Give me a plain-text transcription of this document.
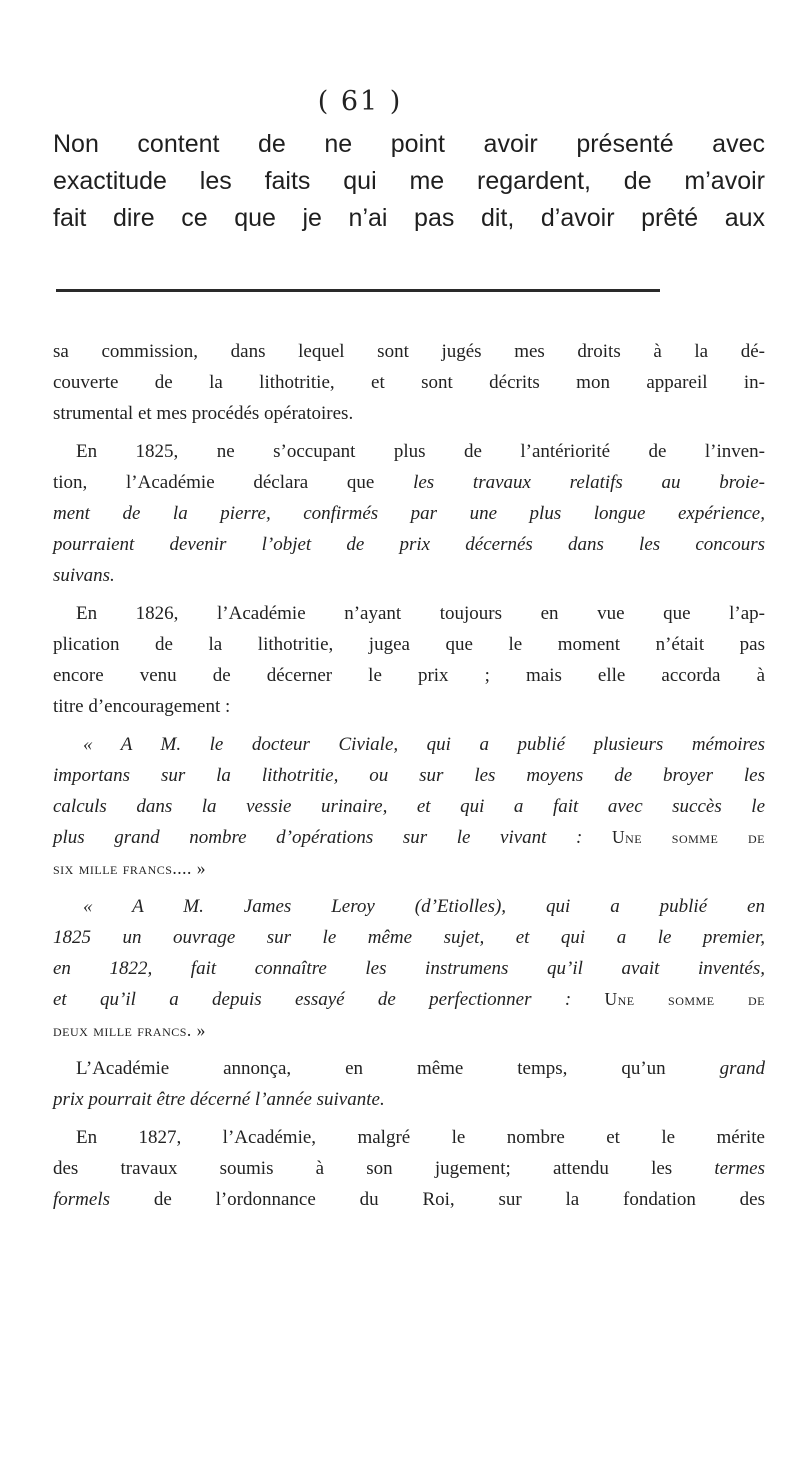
( 61 )
Non content de ne point avoir présenté avec
exactitude les faits qui me regardent, de m’avoir
fait dire ce que je n’ai pas dit, d’avoir prêté aux
sa commission, dans lequel sont jugés mes droits à la dé-
couverte de la lithotritie, et sont décrits mon appareil in-
strumental et mes procédés opératoires.
En 1825, ne s’occupant plus de l’antériorité de l’inven-
tion, l’Académie déclara que les travaux relatifs au broie-
ment de la pierre, confirmés par une plus longue expérience,
pourraient devenir l’objet de prix décernés dans les concours
suivans.
En 1826, l’Académie n’ayant toujours en vue que l’ap-
plication de la lithotritie, jugea que le moment n’était pas
encore venu de décerner le prix ; mais elle accorda à
titre d’encouragement :
« A M. le docteur Civiale, qui a publié plusieurs mémoires
importans sur la lithotritie, ou sur les moyens de broyer les
calculs dans la vessie urinaire, et qui a fait avec succès le
plus grand nombre d’opérations sur le vivant : Une somme de
six mille francs.... »
« A M. James Leroy (d’Etiolles), qui a publié en
1825 un ouvrage sur le même sujet, et qui a le premier,
en 1822, fait connaître les instrumens qu’il avait inventés,
et qu’il a depuis essayé de perfectionner : Une somme de
deux mille francs. »
L’Académie annonça, en même temps, qu’un grand
prix pourrait être décerné l’année suivante.
En 1827, l’Académie, malgré le nombre et le mérite
des travaux soumis à son jugement; attendu les termes
formels de l’ordonnance du Roi, sur la fondation des
